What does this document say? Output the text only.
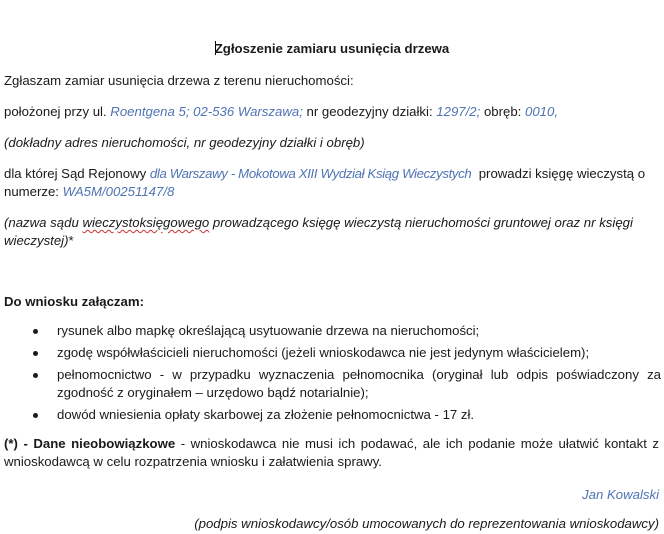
Zgłoszenie zamiaru usunięcia drzewa
Zgłaszam zamiar usunięcia drzewa z terenu nieruchomości:
położonej przy ul. Roentgena 5; 02-536 Warszawa; nr geodezyjny działki: 1297/2; obręb: 0010,
(dokładny adres nieruchomości, nr geodezyjny działki i obręb)
dla której Sąd Rejonowy dla Warszawy - Mokotowa XIII Wydział Ksiąg Wieczystych  prowadzi księgę wieczystą o
numerze: WA5M/00251147/8
(nazwa sądu wieczystoksięgowego prowadzącego księgę wieczystą nieruchomości gruntowej oraz nr księgi
wieczystej)*
Do wniosku załączam:
rysunek albo mapkę określającą usytuowanie drzewa na nieruchomości;
zgodę współwłaścicieli nieruchomości (jeżeli wnioskodawca nie jest jedynym właścicielem);
pełnomocnictwo - w przypadku wyznaczenia pełnomocnika (oryginał lub odpis poświadczony za zgodność z oryginałem – urzędowo bądź notarialnie);
dowód wniesienia opłaty skarbowej za złożenie pełnomocnictwa - 17 zł.
(*) - Dane nieobowiązkowe - wnioskodawca nie musi ich podawać, ale ich podanie może ułatwić kontakt z wnioskodawcą w celu rozpatrzenia wniosku i załatwienia sprawy.
Jan Kowalski
(podpis wnioskodawcy/osób umocowanych do reprezentowania wnioskodawcy)
